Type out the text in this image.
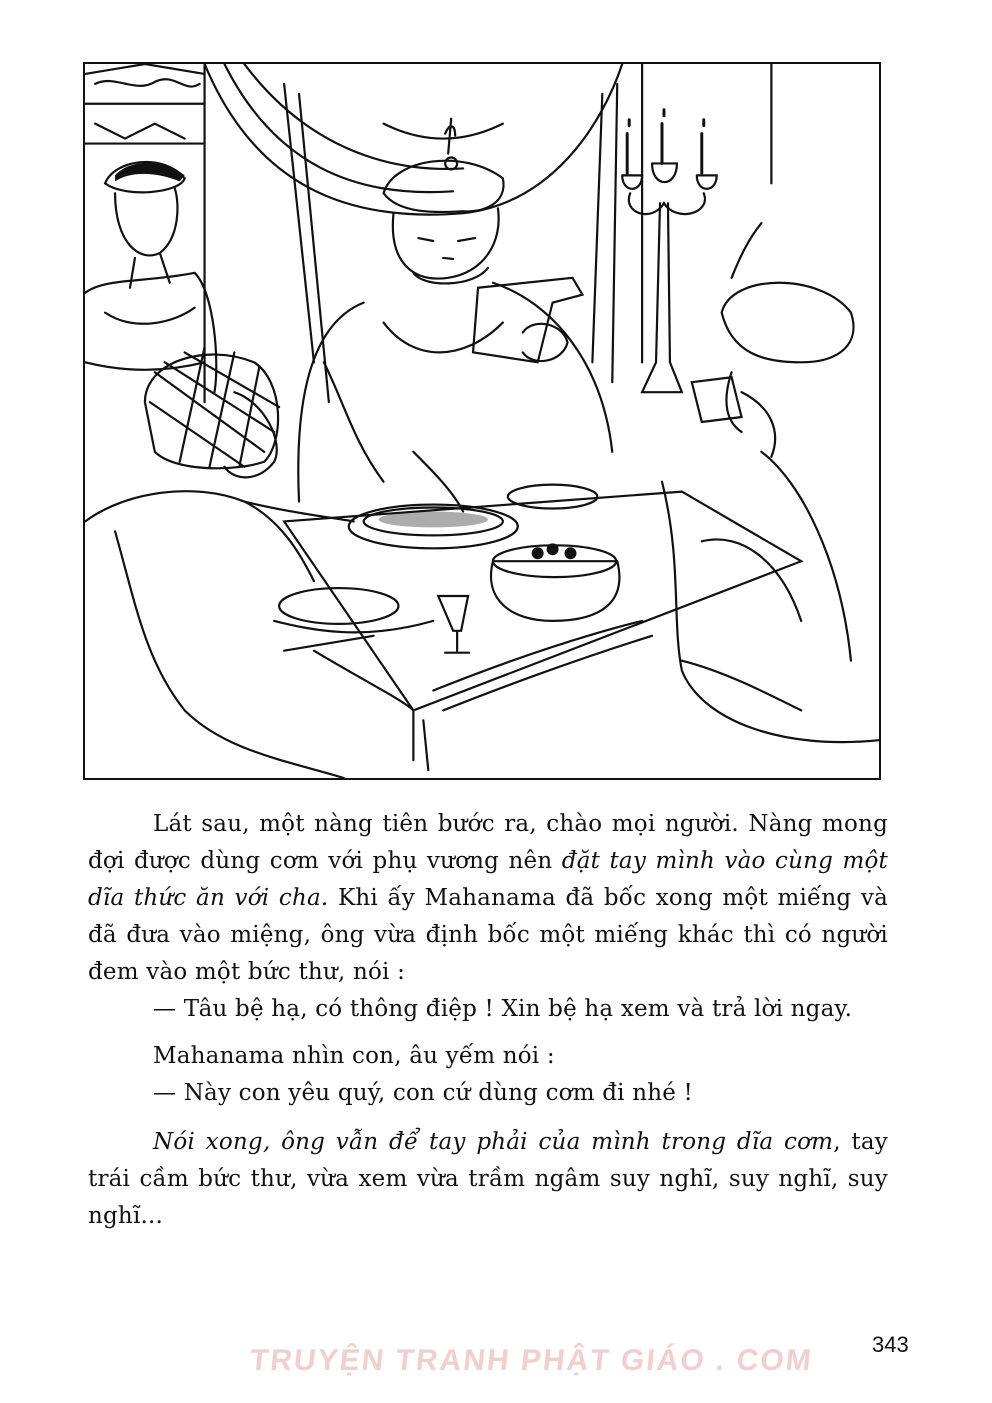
Lát sau, một nàng tiên bước ra, chào mọi người. Nàng mong đợi được dùng cơm với phụ vương nên đặt tay mình vào cùng một dĩa thức ăn với cha. Khi ấy Mahanama đã bốc xong một miếng và đã đưa vào miệng, ông vừa định bốc một miếng khác thì có người đem vào một bức thư, nói :

— Tâu bệ hạ, có thông điệp ! Xin bệ hạ xem và trả lời ngay.

Mahanama nhìn con, âu yếm nói :

— Này con yêu quý, con cứ dùng cơm đi nhé !

Nói xong, ông vẫn để tay phải của mình trong dĩa cơm, tay trái cầm bức thư, vừa xem vừa trầm ngâm suy nghĩ, suy nghĩ, suy nghĩ...

TRUYỆN TRANH PHẬT GIÁO . COM	343
